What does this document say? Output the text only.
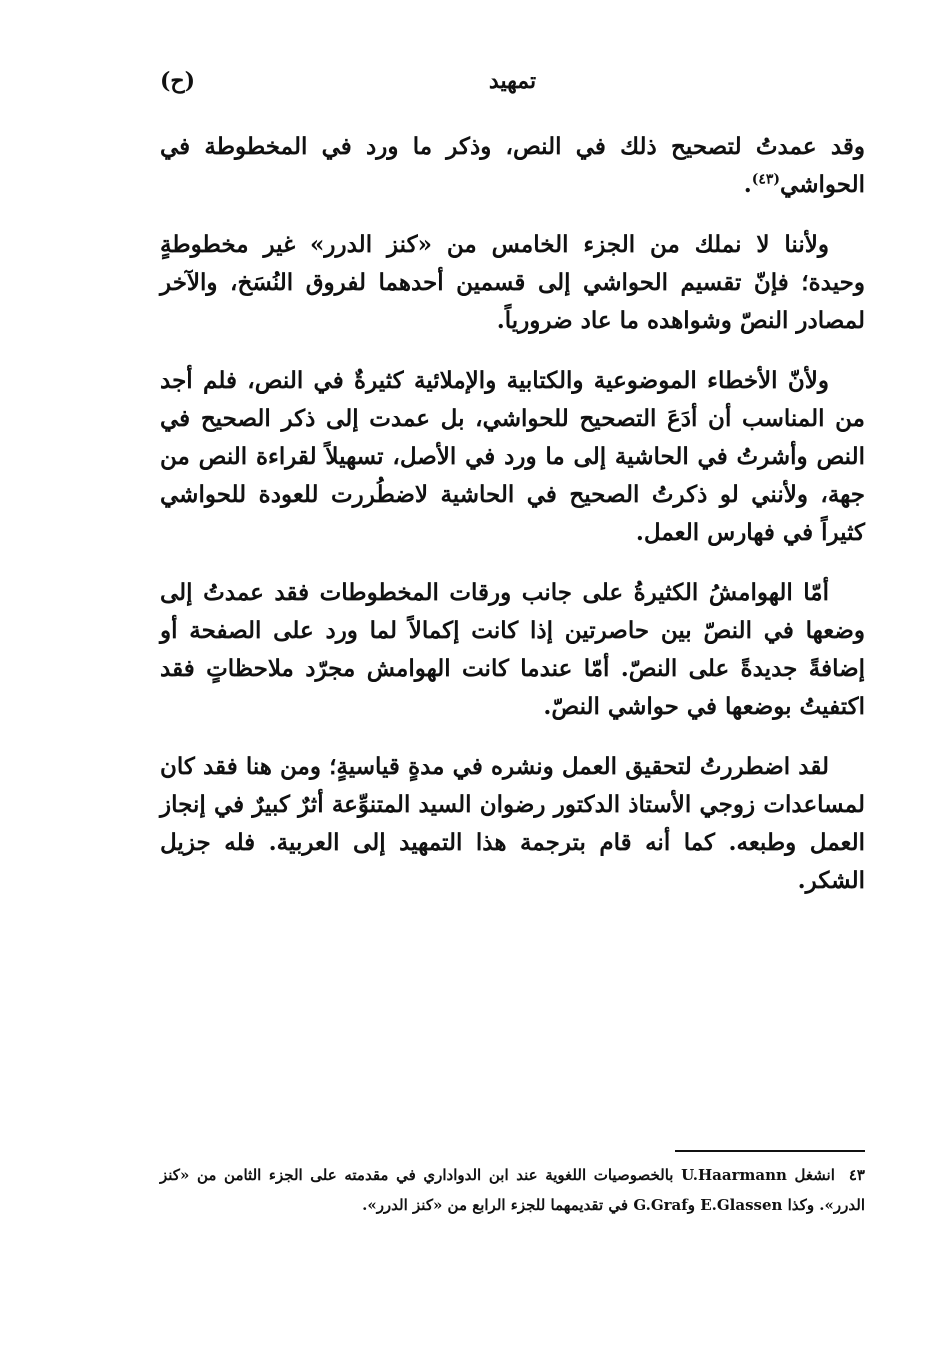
تمهيد
(ح)

وقد عمدتُ لتصحيح ذلك في النص، وذكر ما ورد في المخطوطة في الحواشي$^{(٤٣)}$.

ولأننا لا نملك من الجزء الخامس من «كنز الدرر» غير مخطوطةٍ وحيدة؛ فإنّ تقسيم الحواشي إلى قسمين أحدهما لفروق النُسَخ، والآخر لمصادر النصّ وشواهده ما عاد ضرورياً.

ولأنّ الأخطاء الموضوعية والكتابية والإملائية كثيرةٌ في النص، فلم أجد من المناسب أن أدَعَ التصحيح للحواشي، بل عمدت إلى ذكر الصحيح في النص وأشرتُ في الحاشية إلى ما ورد في الأصل، تسهيلاً لقراءة النص من جهة، ولأنني لو ذكرتُ الصحيح في الحاشية لاضطُررت للعودة للحواشي كثيراً في فهارس العمل.

أمّا الهوامشُ الكثيرةُ على جانب ورقات المخطوطات فقد عمدتُ إلى وضعها في النصّ بين حاصرتين إذا كانت إكمالاً لما ورد على الصفحة أو إضافةً جديدةً على النصّ. أمّا عندما كانت الهوامش مجرّد ملاحظاتٍ فقد اكتفيتُ بوضعها في حواشي النصّ.

لقد اضطررتُ لتحقيق العمل ونشره في مدةٍ قياسيةٍ؛ ومن هنا فقد كان لمساعدات زوجي الأستاذ الدكتور رضوان السيد المتنوِّعة أثرٌ كبيرٌ في إنجاز العمل وطبعه. كما أنه قام بترجمة هذا التمهيد إلى العربية. فله جزيل الشكر.

٤٣انشغل U.Haarmann بالخصوصيات اللغوية عند ابن الدواداري في مقدمته على الجزء الثامن من «كنز الدرر». وكذا E.Glassen وG.Graf في تقديمهما للجزء الرابع من «كنز الدرر».
